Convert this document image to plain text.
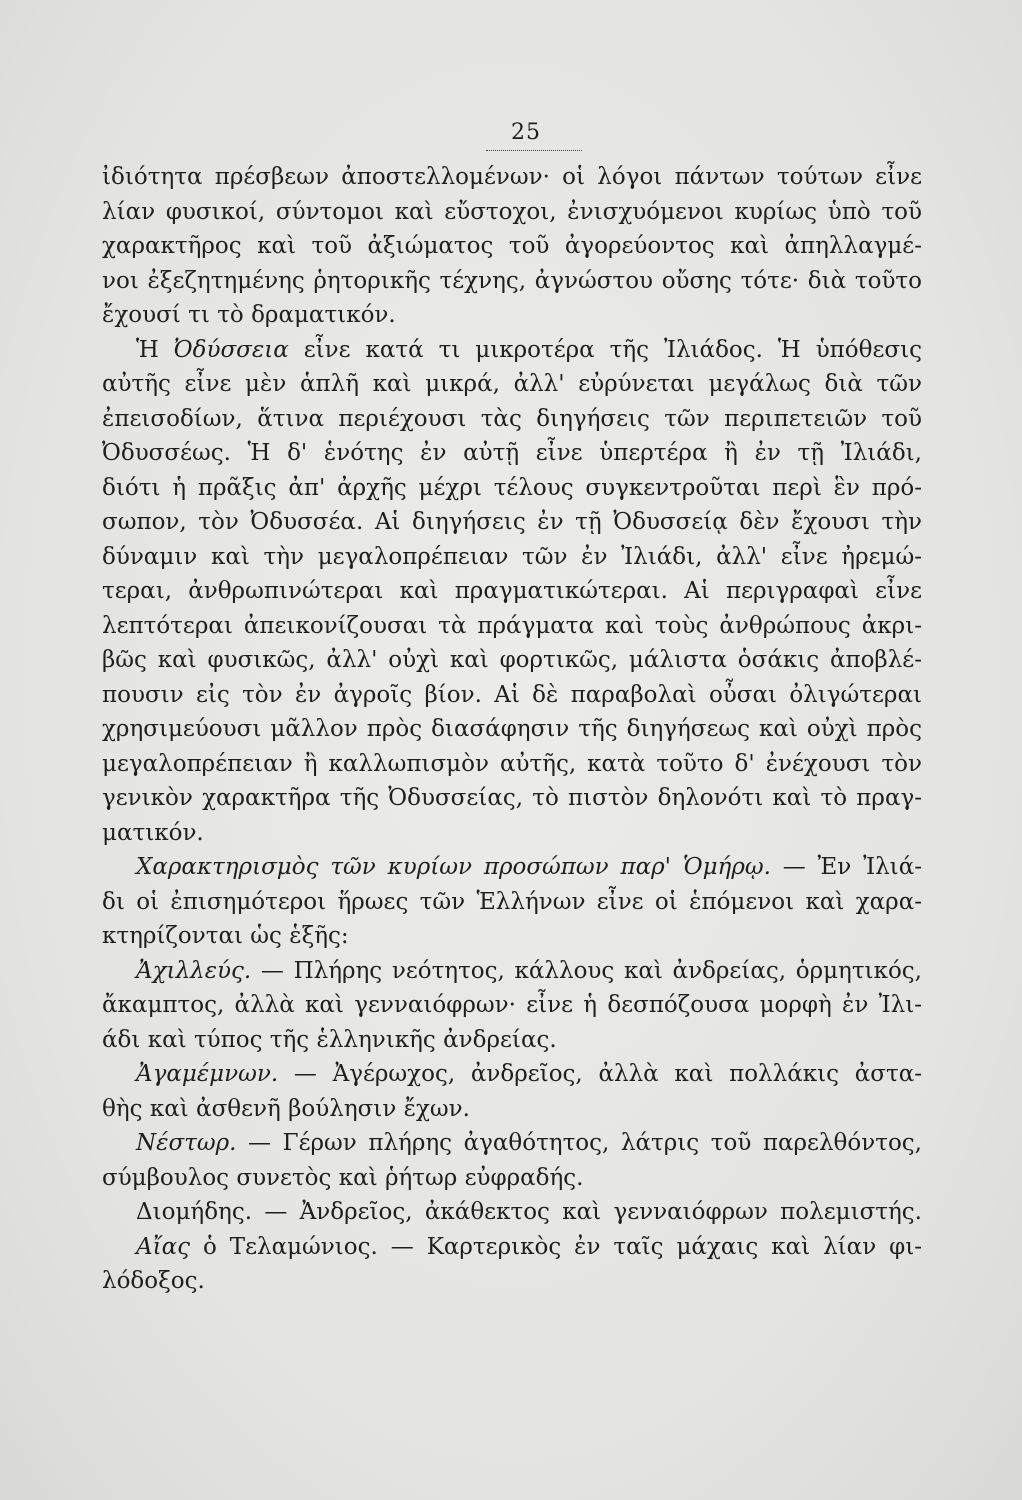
25
ἰδιότητα πρέσβεων ἀποστελλομένων· οἱ λόγοι πάντων τούτων εἶνε
λίαν φυσικοί, σύντομοι καὶ εὔστοχοι, ἐνισχυόμενοι κυρίως ὑπὸ τοῦ
χαρακτῆρος καὶ τοῦ ἀξιώματος τοῦ ἀγορεύοντος καὶ ἀπηλλαγμέ-
νοι ἐξεζητημένης ῥητορικῆς τέχνης, ἀγνώστου οὔσης τότε· διὰ τοῦτο
ἔχουσί τι τὸ δραματικόν.
Ἡ Ὀδύσσεια εἶνε κατά τι μικροτέρα τῆς Ἰλιάδος. Ἡ ὑπόθεσις
αὐτῆς εἶνε μὲν ἁπλῆ καὶ μικρά, ἀλλ' εὐρύνεται μεγάλως διὰ τῶν
ἐπεισοδίων, ἅτινα περιέχουσι τὰς διηγήσεις τῶν περιπετειῶν τοῦ
Ὀδυσσέως. Ἡ δ' ἑνότης ἐν αὐτῇ εἶνε ὑπερτέρα ἢ ἐν τῇ Ἰλιάδι,
διότι ἡ πρᾶξις ἀπ' ἀρχῆς μέχρι τέλους συγκεντροῦται περὶ ἓν πρό-
σωπον, τὸν Ὀδυσσέα. Αἱ διηγήσεις ἐν τῇ Ὀδυσσείᾳ δὲν ἔχουσι τὴν
δύναμιν καὶ τὴν μεγαλοπρέπειαν τῶν ἐν Ἰλιάδι, ἀλλ' εἶνε ἠρεμώ-
τεραι, ἀνθρωπινώτεραι καὶ πραγματικώτεραι. Αἱ περιγραφαὶ εἶνε
λεπτότεραι ἀπεικονίζουσαι τὰ πράγματα καὶ τοὺς ἀνθρώπους ἀκρι-
βῶς καὶ φυσικῶς, ἀλλ' οὐχὶ καὶ φορτικῶς, μάλιστα ὁσάκις ἀποβλέ-
πουσιν εἰς τὸν ἐν ἀγροῖς βίον. Αἱ δὲ παραβολαὶ οὖσαι ὀλιγώτεραι
χρησιμεύουσι μᾶλλον πρὸς διασάφησιν τῆς διηγήσεως καὶ οὐχὶ πρὸς
μεγαλοπρέπειαν ἢ καλλωπισμὸν αὐτῆς, κατὰ τοῦτο δ' ἐνέχουσι τὸν
γενικὸν χαρακτῆρα τῆς Ὀδυσσείας, τὸ πιστὸν δηλονότι καὶ τὸ πραγ-
ματικόν.
Χαρακτηρισμὸς τῶν κυρίων προσώπων παρ' Ὁμήρῳ. — Ἐν Ἰλιά-
δι οἱ ἐπισημότεροι ἥρωες τῶν Ἑλλήνων εἶνε οἱ ἑπόμενοι καὶ χαρα-
κτηρίζονται ὡς ἑξῆς:
Ἀχιλλεύς. — Πλήρης νεότητος, κάλλους καὶ ἀνδρείας, ὁρμητικός,
ἄκαμπτος, ἀλλὰ καὶ γενναιόφρων· εἶνε ἡ δεσπόζουσα μορφὴ ἐν Ἰλι-
άδι καὶ τύπος τῆς ἑλληνικῆς ἀνδρείας.
Ἀγαμέμνων. — Ἀγέρωχος, ἀνδρεῖος, ἀλλὰ καὶ πολλάκις ἀστα-
θὴς καὶ ἀσθενῆ βούλησιν ἔχων.
Νέστωρ. — Γέρων πλήρης ἀγαθότητος, λάτρις τοῦ παρελθόντος,
σύμβουλος συνετὸς καὶ ῥήτωρ εὐφραδής.
Διομήδης. — Ἀνδρεῖος, ἀκάθεκτος καὶ γενναιόφρων πολεμιστής.
Αἴας ὁ Τελαμώνιος. — Καρτερικὸς ἐν ταῖς μάχαις καὶ λίαν φι-
λόδοξος.
